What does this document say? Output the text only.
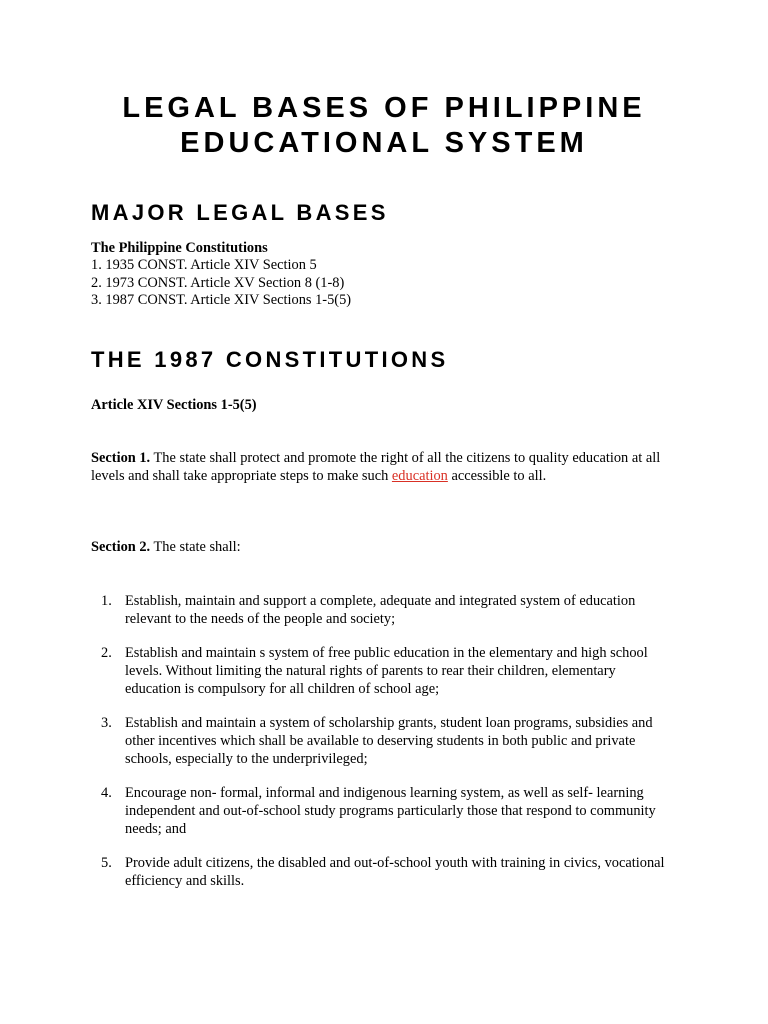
LEGAL BASES OF PHILIPPINE
EDUCATIONAL SYSTEM
MAJOR LEGAL BASES

The Philippine Constitutions

1. 1935 CONST. Article XIV Section 5
2. 1973 CONST. Article XV Section 8 (1-8)
3. 1987 CONST. Article XIV Sections 1-5(5)
THE 1987 CONSTITUTIONS

Article XIV Sections 1-5(5)

Section 1. The state shall protect and promote the right of all the citizens to quality education at all levels and shall take appropriate steps to make such education accessible to all.

Section 2. The state shall:

1. Establish, maintain and support a complete, adequate and integrated system of education relevant to the needs of the people and society;
2. Establish and maintain s system of free public education in the elementary and high school levels. Without limiting the natural rights of parents to rear their children, elementary education is compulsory for all children of school age;
3. Establish and maintain a system of scholarship grants, student loan programs, subsidies and other incentives which shall be available to deserving students in both public and private schools, especially to the underprivileged;
4. Encourage non- formal, informal and indigenous learning system, as well as self- learning independent and out-of-school study programs particularly those that respond to community needs; and
5. Provide adult citizens, the disabled and out-of-school youth with training in civics, vocational efficiency and skills.
